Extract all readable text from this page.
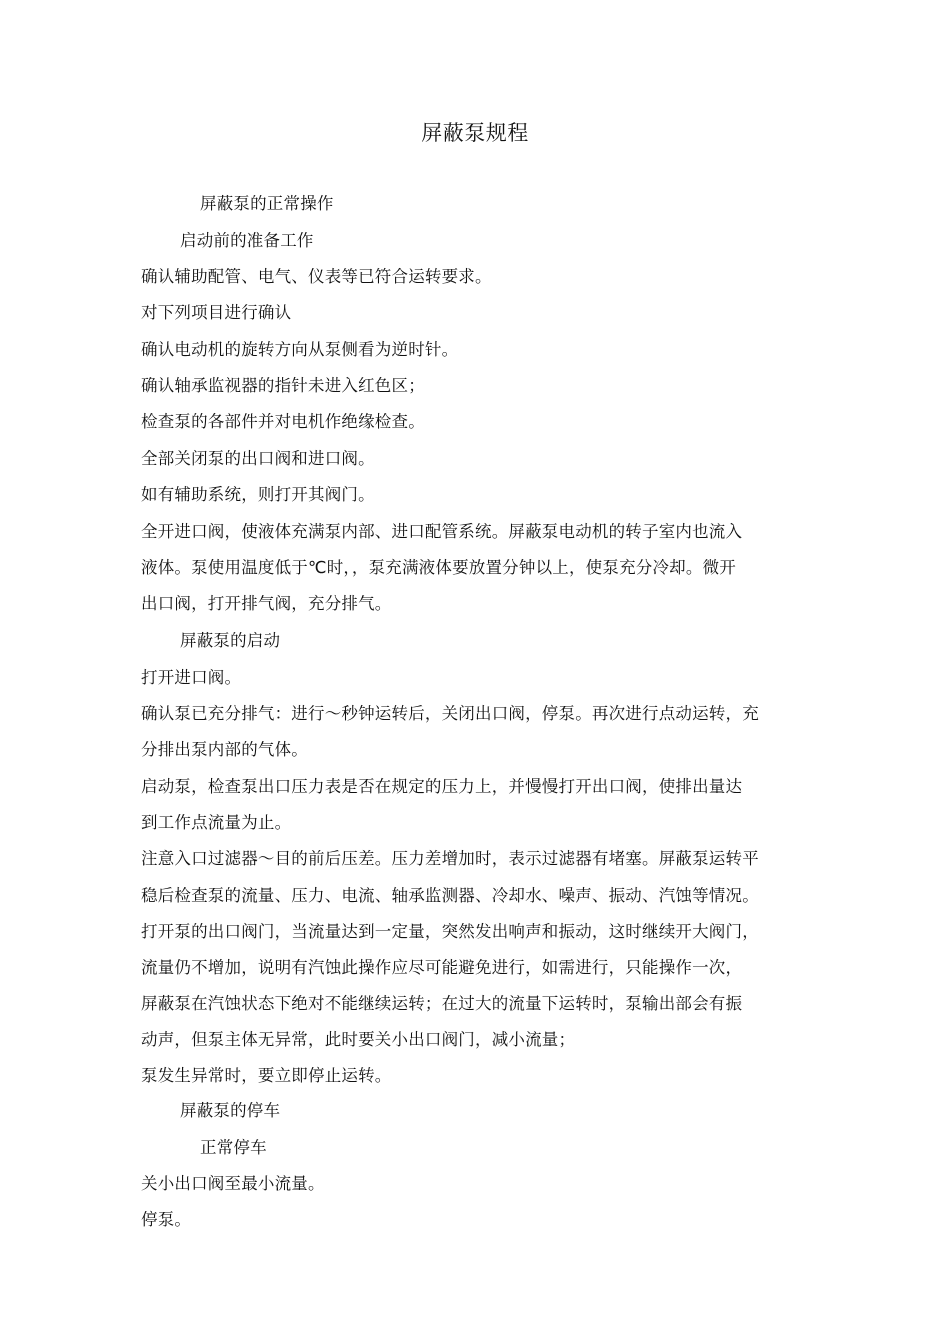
屏蔽泵规程
屏蔽泵的正常操作
启动前的准备工作
确认辅助配管、电气、仪表等已符合运转要求。
对下列项目进行确认
确认电动机的旋转方向从泵侧看为逆时针。
确认轴承监视器的指针未进入红色区；
检查泵的各部件并对电机作绝缘检查。
全部关闭泵的出口阀和进口阀。
如有辅助系统，则打开其阀门。
全开进口阀，使液体充满泵内部、进口配管系统。屏蔽泵电动机的转子室内也流入
液体。泵使用温度低于℃时，，泵充满液体要放置分钟以上，使泵充分冷却。微开
出口阀，打开排气阀，充分排气。
屏蔽泵的启动
打开进口阀。
确认泵已充分排气：进行～秒钟运转后，关闭出口阀，停泵。再次进行点动运转，充
分排出泵内部的气体。
启动泵，检查泵出口压力表是否在规定的压力上，并慢慢打开出口阀，使排出量达
到工作点流量为止。
注意入口过滤器～目的前后压差。压力差增加时，表示过滤器有堵塞。屏蔽泵运转平
稳后检查泵的流量、压力、电流、轴承监测器、冷却水、噪声、振动、汽蚀等情况。
打开泵的出口阀门，当流量达到一定量，突然发出响声和振动，这时继续开大阀门，
流量仍不增加，说明有汽蚀此操作应尽可能避免进行，如需进行，只能操作一次，
屏蔽泵在汽蚀状态下绝对不能继续运转；在过大的流量下运转时，泵输出部会有振
动声，但泵主体无异常，此时要关小出口阀门，减小流量；
泵发生异常时，要立即停止运转。
屏蔽泵的停车
正常停车
关小出口阀至最小流量。
停泵。
